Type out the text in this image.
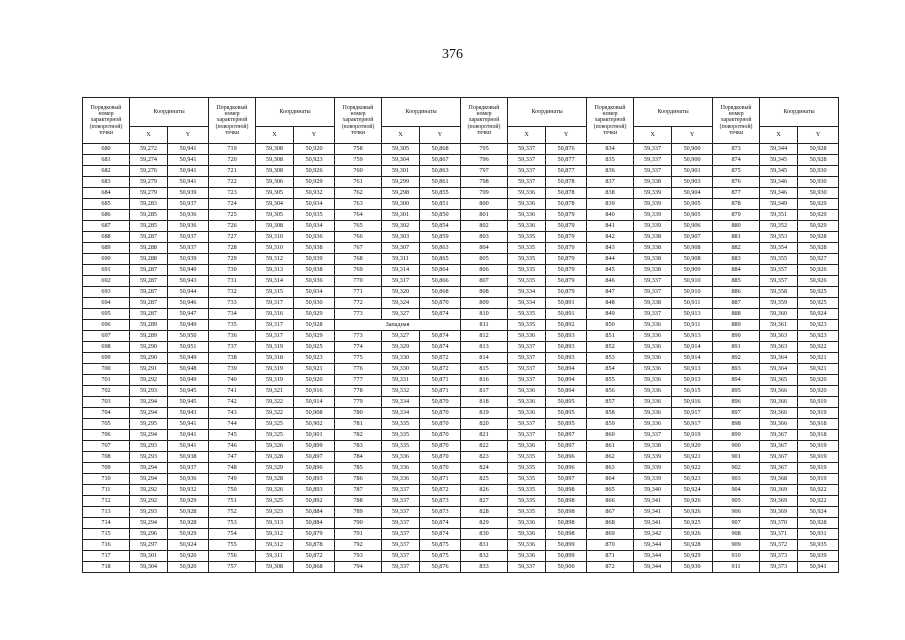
376
Порядковый номер характерной (поворотной) точки	Координаты		Порядковый номер характерной (поворотной) точки	Координаты		Порядковый номер характерной (поворотной) точки	Координаты		Порядковый номер характерной (поворотной) точки	Координаты		Порядковый номер характерной (поворотной) точки	Координаты		Порядковый номер характерной (поворотной) точки	Координаты	
	X	Y		X	Y		X	Y		X	Y		X	Y		X	Y
680	59,272	50,941	719	59,308	50,920	758	59,305	50,868	795	59,337	50,876	834	59,337	50,900	873	59,344	50,928
681	59,274	50,941	720	59,308	50,923	759	59,304	50,867	796	59,337	50,877	835	59,337	50,900	874	59,345	50,928
682	59,276	50,941	721	59,308	50,926	760	59,301	50,863	797	59,337	50,877	836	59,337	50,901	875	59,345	50,930
683	59,279	50,941	722	59,306	50,929	761	59,299	50,861	798	59,337	50,878	837	59,338	50,903	876	59,346	50,930
684	59,279	50,939	723	59,305	50,932	762	59,298	50,855	799	59,336	50,878	838	59,339	50,904	877	59,346	50,930
685	59,283	50,937	724	59,304	50,934	763	59,300	50,851	800	59,336	50,878	839	59,339	50,905	878	59,349	50,929
686	59,285	50,936	725	59,305	50,935	764	59,301	50,850	801	59,336	50,879	840	59,339	50,905	879	59,351	50,929
687	59,285	50,936	726	59,308	50,934	765	59,302	50,854	802	59,336	50,879	841	59,339	50,906	880	59,352	50,929
688	59,287	50,937	727	59,310	50,936	766	59,303	50,859	803	59,335	50,879	842	59,338	50,907	881	59,353	50,928
689	59,288	50,937	728	59,310	50,938	767	59,307	50,863	804	59,335	50,879	843	59,338	50,908	882	59,354	50,928
690	59,288	50,939	729	59,312	50,939	768	59,311	50,865	805	59,335	50,879	844	59,338	50,908	883	59,355	50,927
691	59,287	50,940	730	59,313	50,938	769	59,314	50,864	806	59,335	50,879	845	59,338	50,909	884	59,357	50,926
692	59,287	50,943	731	59,314	50,936	770	59,317	50,866	807	59,335	50,879	846	59,337	50,910	885	59,357	50,926
693	59,287	50,944	732	59,315	50,934	771	59,320	50,868	808	59,334	50,879	847	59,337	50,910	886	59,358	50,925
694	59,287	50,946	733	59,317	50,930	772	59,324	50,870	809	59,334	50,891	848	59,338	50,911	887	59,359	50,925
695	59,287	50,947	734	59,316	50,929	773	59,327	50,874	810	59,335	50,891	849	59,337	50,913	888	59,360	50,924
696	59,289	50,949	735	59,317	50,928	Западная			811	59,335	50,892	850	59,336	50,911	889	59,361	50,923
697	59,289	50,950	736	59,317	50,929	773	59,327	50,874	812	59,336	50,893	851	59,336	50,913	890	59,363	50,923
698	59,290	50,951	737	59,319	50,925	774	59,329	50,874	813	59,337	50,893	852	59,336	50,914	891	59,363	50,922
699	59,290	50,949	738	59,318	50,923	775	59,330	50,872	814	59,337	50,893	853	59,336	50,914	892	59,364	50,921
700	59,291	50,948	739	59,319	50,921	776	59,330	50,872	815	59,337	50,894	854	59,336	50,913	893	59,364	50,921
701	59,292	50,949	740	59,319	50,920	777	59,331	50,871	816	59,337	50,894	855	59,336	50,913	894	59,365	50,920
702	59,293	50,945	741	59,321	50,916	778	59,332	50,871	817	59,336	50,894	856	59,336	50,915	895	59,366	50,920
703	59,294	50,945	742	59,322	50,914	779	59,334	50,870	818	59,336	50,895	857	59,336	50,916	896	59,366	50,919
704	59,294	50,943	743	59,322	50,908	780	59,334	50,870	819	59,336	50,895	858	59,336	50,917	897	59,366	50,919
705	59,295	50,941	744	59,325	50,902	781	59,335	50,870	820	59,337	50,895	859	59,336	50,917	898	59,366	50,918
706	59,294	50,941	745	59,325	50,901	782	59,335	50,870	821	59,337	50,897	860	59,337	50,919	899	59,367	50,918
707	59,293	50,941	746	59,326	50,899	783	59,335	50,870	822	59,336	50,897	861	59,338	50,920	900	59,367	50,919
708	59,293	50,938	747	59,328	50,897	784	59,336	50,870	823	59,335	50,896	862	59,339	50,921	901	59,367	50,919
709	59,294	50,937	748	59,329	50,896	785	59,336	50,870	824	59,335	50,896	863	59,339	50,922	902	59,367	50,919
710	59,294	50,936	749	59,328	50,893	786	59,336	50,871	825	59,335	50,897	864	59,339	50,923	903	59,368	50,919
711	59,292	50,932	750	59,326	50,893	787	59,337	50,872	826	59,335	50,898	865	59,340	50,924	904	59,369	50,922
712	59,292	50,929	751	59,325	50,892	788	59,337	50,873	827	59,335	50,898	866	59,341	50,926	905	59,369	50,922
713	59,293	50,928	752	59,323	50,884	789	59,337	50,873	828	59,335	50,898	867	59,341	50,926	906	59,369	50,924
714	59,294	50,928	753	59,313	50,884	790	59,337	50,874	829	59,336	50,898	868	59,341	50,925	907	59,370	50,928
715	59,296	50,929	754	59,312	50,879	791	59,337	50,874	830	59,336	50,898	869	59,342	50,926	908	59,371	50,931
716	59,297	50,924	755	59,312	50,878	792	59,337	50,875	831	59,336	50,899	870	59,344	50,928	909	59,372	50,935
717	59,301	50,920	756	59,311	50,872	793	59,337	50,875	832	59,336	50,899	871	59,344	50,929	910	59,373	50,939
718	59,304	50,920	757	59,308	50,868	794	59,337	50,876	833	59,337	50,900	872	59,344	50,930	911	59,373	50,941
